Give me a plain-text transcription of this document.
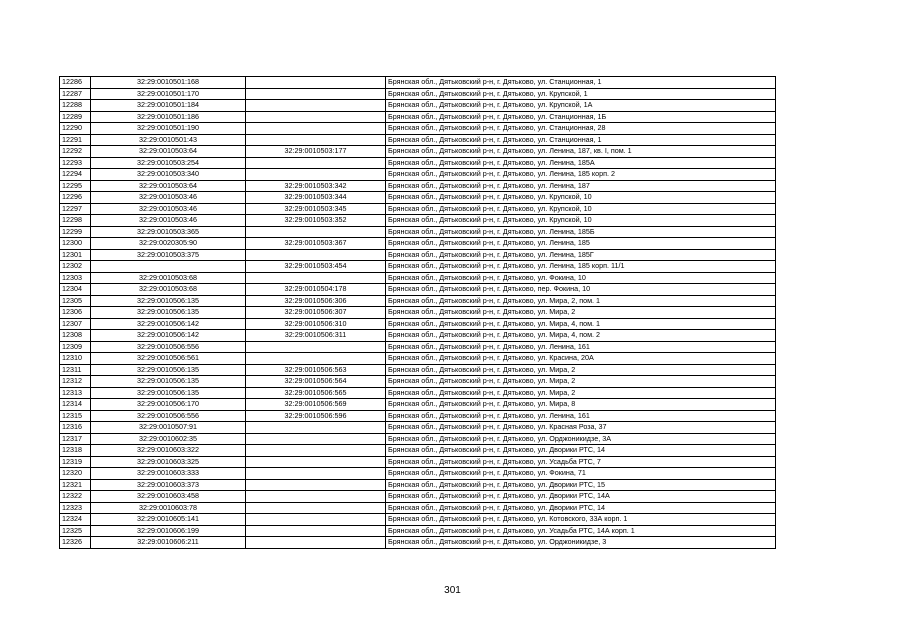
12286	32:29:0010501:168		Брянская обл., Дятьковский р-н, г. Дятьково, ул. Станционная, 1
12287	32:29:0010501:170		Брянская обл., Дятьковский р-н, г. Дятьково, ул. Крупской, 1
12288	32:29:0010501:184		Брянская обл., Дятьковский р-н, г. Дятьково, ул. Крупской, 1А
12289	32:29:0010501:186		Брянская обл., Дятьковский р-н, г. Дятьково, ул. Станционная, 1Б
12290	32:29:0010501:190		Брянская обл., Дятьковский р-н, г. Дятьково, ул. Станционная, 28
12291	32:29:0010501:43		Брянская обл., Дятьковский р-н, г. Дятьково, ул. Станционная, 1
12292	32:29:0010503:64	32:29:0010503:177	Брянская обл., Дятьковский р-н, г. Дятьково, ул. Ленина, 187, кв. I, пом. 1
12293	32:29:0010503:254		Брянская обл., Дятьковский р-н, г. Дятьково, ул. Ленина, 185А
12294	32:29:0010503:340		Брянская обл., Дятьковский р-н, г. Дятьково, ул. Ленина, 185 корп. 2
12295	32:29:0010503:64	32:29:0010503:342	Брянская обл., Дятьковский р-н, г. Дятьково, ул. Ленина, 187
12296	32:29:0010503:46	32:29:0010503:344	Брянская обл., Дятьковский р-н, г. Дятьково, ул. Крупской, 10
12297	32:29:0010503:46	32:29:0010503:345	Брянская обл., Дятьковский р-н, г. Дятьково, ул. Крупской, 10
12298	32:29:0010503:46	32:29:0010503:352	Брянская обл., Дятьковский р-н, г. Дятьково, ул. Крупской, 10
12299	32:29:0010503:365		Брянская обл., Дятьковский р-н, г. Дятьково, ул. Ленина, 185Б
12300	32:29:0020305:90	32:29:0010503:367	Брянская обл., Дятьковский р-н, г. Дятьково, ул. Ленина, 185
12301	32:29:0010503:375		Брянская обл., Дятьковский р-н, г. Дятьково, ул. Ленина, 185Г
12302		32:29:0010503:454	Брянская обл., Дятьковский р-н, г. Дятьково, ул. Ленина, 185 корп. 11/1
12303	32:29:0010503:68		Брянская обл., Дятьковский р-н, г. Дятьково, ул. Фокина, 10
12304	32:29:0010503:68	32:29:0010504:178	Брянская обл., Дятьковский р-н, г. Дятьково, пер. Фокина, 10
12305	32:29:0010506:135	32:29:0010506:306	Брянская обл., Дятьковский р-н, г. Дятьково, ул. Мира, 2, пом. 1
12306	32:29:0010506:135	32:29:0010506:307	Брянская обл., Дятьковский р-н, г. Дятьково, ул. Мира, 2
12307	32:29:0010506:142	32:29:0010506:310	Брянская обл., Дятьковский р-н, г. Дятьково, ул. Мира, 4, пом. 1
12308	32:29:0010506:142	32:29:0010506:311	Брянская обл., Дятьковский р-н, г. Дятьково, ул. Мира, 4, пом. 2
12309	32:29:0010506:556		Брянская обл., Дятьковский р-н, г. Дятьково, ул. Ленина, 161
12310	32:29:0010506:561		Брянская обл., Дятьковский р-н, г. Дятьково, ул. Красина, 20А
12311	32:29:0010506:135	32:29:0010506:563	Брянская обл., Дятьковский р-н, г. Дятьково, ул. Мира, 2
12312	32:29:0010506:135	32:29:0010506:564	Брянская обл., Дятьковский р-н, г. Дятьково, ул. Мира, 2
12313	32:29:0010506:135	32:29:0010506:565	Брянская обл., Дятьковский р-н, г. Дятьково, ул. Мира, 2
12314	32:29:0010506:170	32:29:0010506:569	Брянская обл., Дятьковский р-н, г. Дятьково, ул. Мира, 8
12315	32:29:0010506:556	32:29:0010506:596	Брянская обл., Дятьковский р-н, г. Дятьково, ул. Ленина, 161
12316	32:29:0010507:91		Брянская обл., Дятьковский р-н, г. Дятьково, ул. Красная Роза, 37
12317	32:29:0010602:35		Брянская обл., Дятьковский р-н, г. Дятьково, ул. Орджоникидзе, 3А
12318	32:29:0010603:322		Брянская обл., Дятьковский р-н, г. Дятьково, ул. Дворики РТС, 14
12319	32:29:0010603:325		Брянская обл., Дятьковский р-н, г. Дятьково, ул. Усадьба РТС, 7
12320	32:29:0010603:333		Брянская обл., Дятьковский р-н, г. Дятьково, ул. Фокина, 71
12321	32:29:0010603:373		Брянская обл., Дятьковский р-н, г. Дятьково, ул. Дворики РТС, 15
12322	32:29:0010603:458		Брянская обл., Дятьковский р-н, г. Дятьково, ул. Дворики РТС, 14А
12323	32:29:0010603:78		Брянская обл., Дятьковский р-н, г. Дятьково, ул. Дворики РТС, 14
12324	32:29:0010605:141		Брянская обл., Дятьковский р-н, г. Дятьково, ул. Котовского, 33А корп. 1
12325	32:29:0010606:199		Брянская обл., Дятьковский р-н, г. Дятьково, ул. Усадьба РТС, 14А корп. 1
12326	32:29:0010606:211		Брянская обл., Дятьковский р-н, г. Дятьково, ул. Орджоникидзе, 3
301
